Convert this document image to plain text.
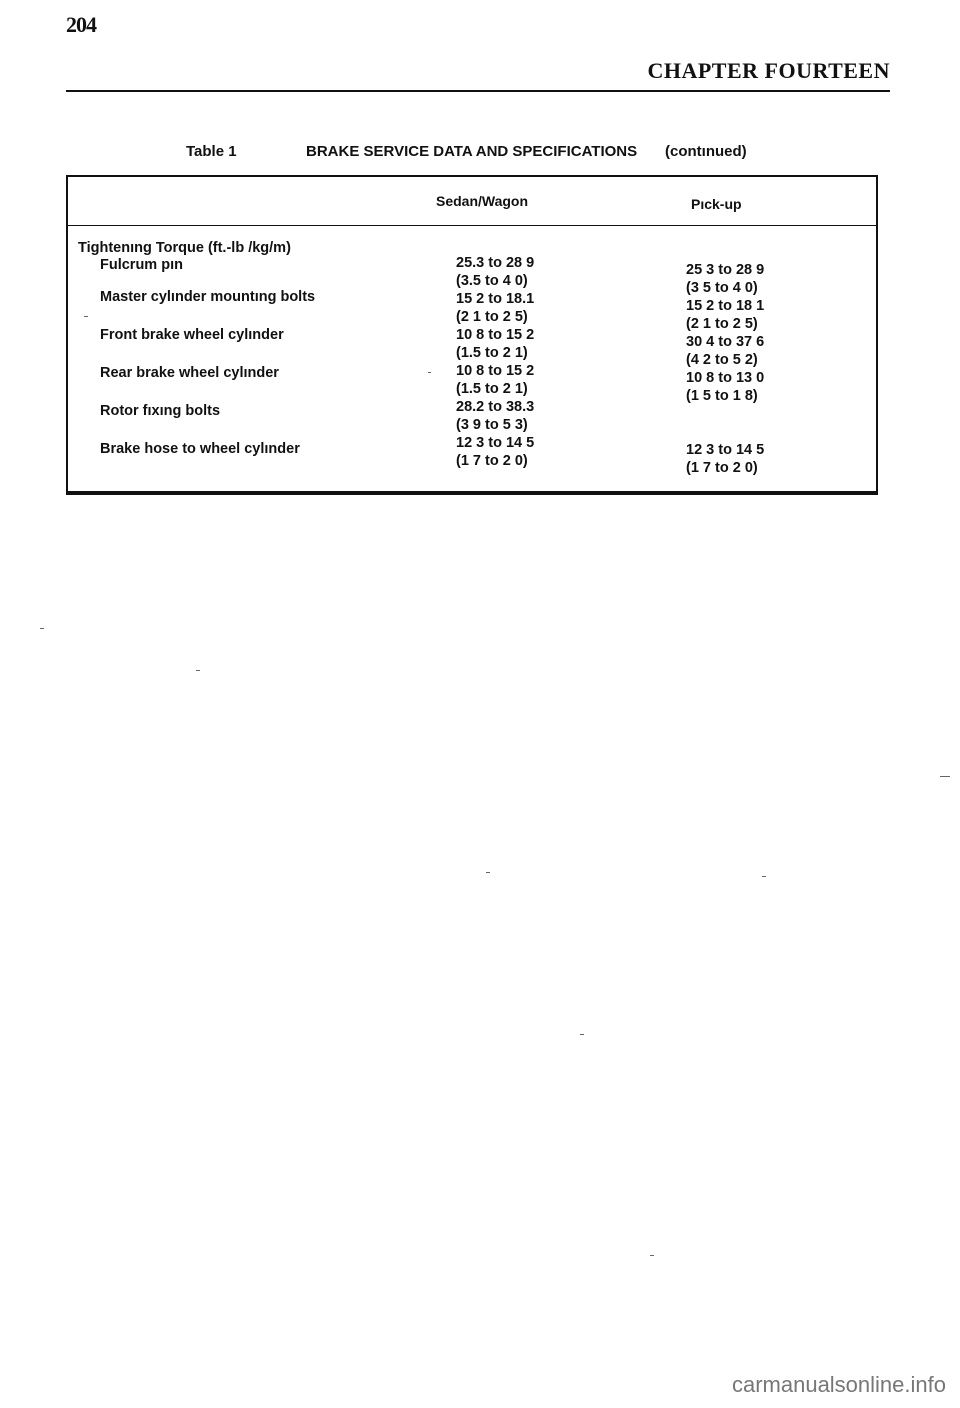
204
CHAPTER FOURTEEN
Table 1	BRAKE SERVICE DATA AND SPECIFICATIONS (contınued)
Sedan/Wagon	Pıck-up
Tightenıng Torque (ft.-lb /kg/m)
Fulcrum pın
Master cylınder mountıng bolts
Front brake wheel cylınder
Rear brake wheel cylınder
Rotor fıxıng bolts
Brake hose to wheel cylınder
25.3 to 28 9
(3.5 to 4 0)
15 2 to 18.1
(2 1 to 2 5)
10 8 to 15 2
(1.5 to 2 1)
10 8 to 15 2
(1.5 to 2 1)
28.2 to 38.3
(3 9 to 5 3)
12 3 to 14 5
(1 7 to 2 0)
25 3 to 28 9
(3 5 to 4 0)
15 2 to 18 1
(2 1 to 2 5)
30 4 to 37 6
(4 2 to 5 2)
10 8 to 13 0
(1 5 to 1 8)
12 3 to 14 5
(1 7 to 2 0)
carmanualsonline.info
